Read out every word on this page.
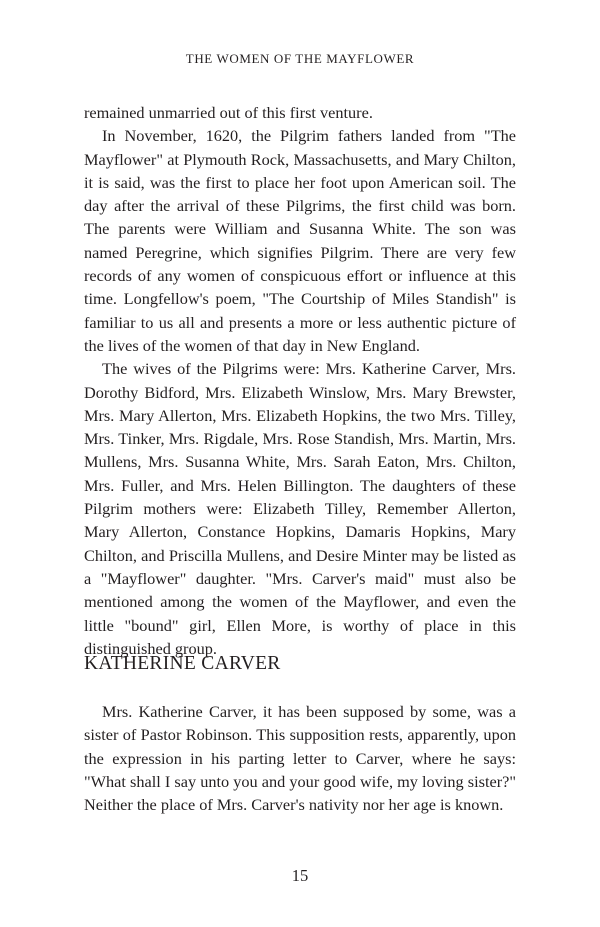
THE WOMEN OF THE MAYFLOWER

remained unmarried out of this first venture.

In November, 1620, the Pilgrim fathers landed from "The Mayflower" at Plymouth Rock, Massachusetts, and Mary Chilton, it is said, was the first to place her foot upon American soil. The day after the arrival of these Pilgrims, the first child was born. The parents were William and Susanna White. The son was named Peregrine, which signifies Pilgrim. There are very few records of any women of conspicuous effort or influence at this time. Longfellow's poem, "The Courtship of Miles Standish" is familiar to us all and presents a more or less authentic picture of the lives of the women of that day in New England.

The wives of the Pilgrims were: Mrs. Katherine Carver, Mrs. Dorothy Bidford, Mrs. Elizabeth Winslow, Mrs. Mary Brewster, Mrs. Mary Allerton, Mrs. Elizabeth Hopkins, the two Mrs. Tilley, Mrs. Tinker, Mrs. Rigdale, Mrs. Rose Standish, Mrs. Martin, Mrs. Mullens, Mrs. Susanna White, Mrs. Sarah Eaton, Mrs. Chilton, Mrs. Fuller, and Mrs. Helen Billington. The daughters of these Pilgrim mothers were: Elizabeth Tilley, Remember Allerton, Mary Allerton, Constance Hopkins, Damaris Hopkins, Mary Chilton, and Priscilla Mullens, and Desire Minter may be listed as a "Mayflower" daughter. "Mrs. Carver's maid" must also be mentioned among the women of the Mayflower, and even the little "bound" girl, Ellen More, is worthy of place in this distinguished group.

KATHERINE CARVER

Mrs. Katherine Carver, it has been supposed by some, was a sister of Pastor Robinson. This supposition rests, apparently, upon the expression in his parting letter to Carver, where he says: "What shall I say unto you and your good wife, my loving sister?" Neither the place of Mrs. Carver's nativity nor her age is known.

15
